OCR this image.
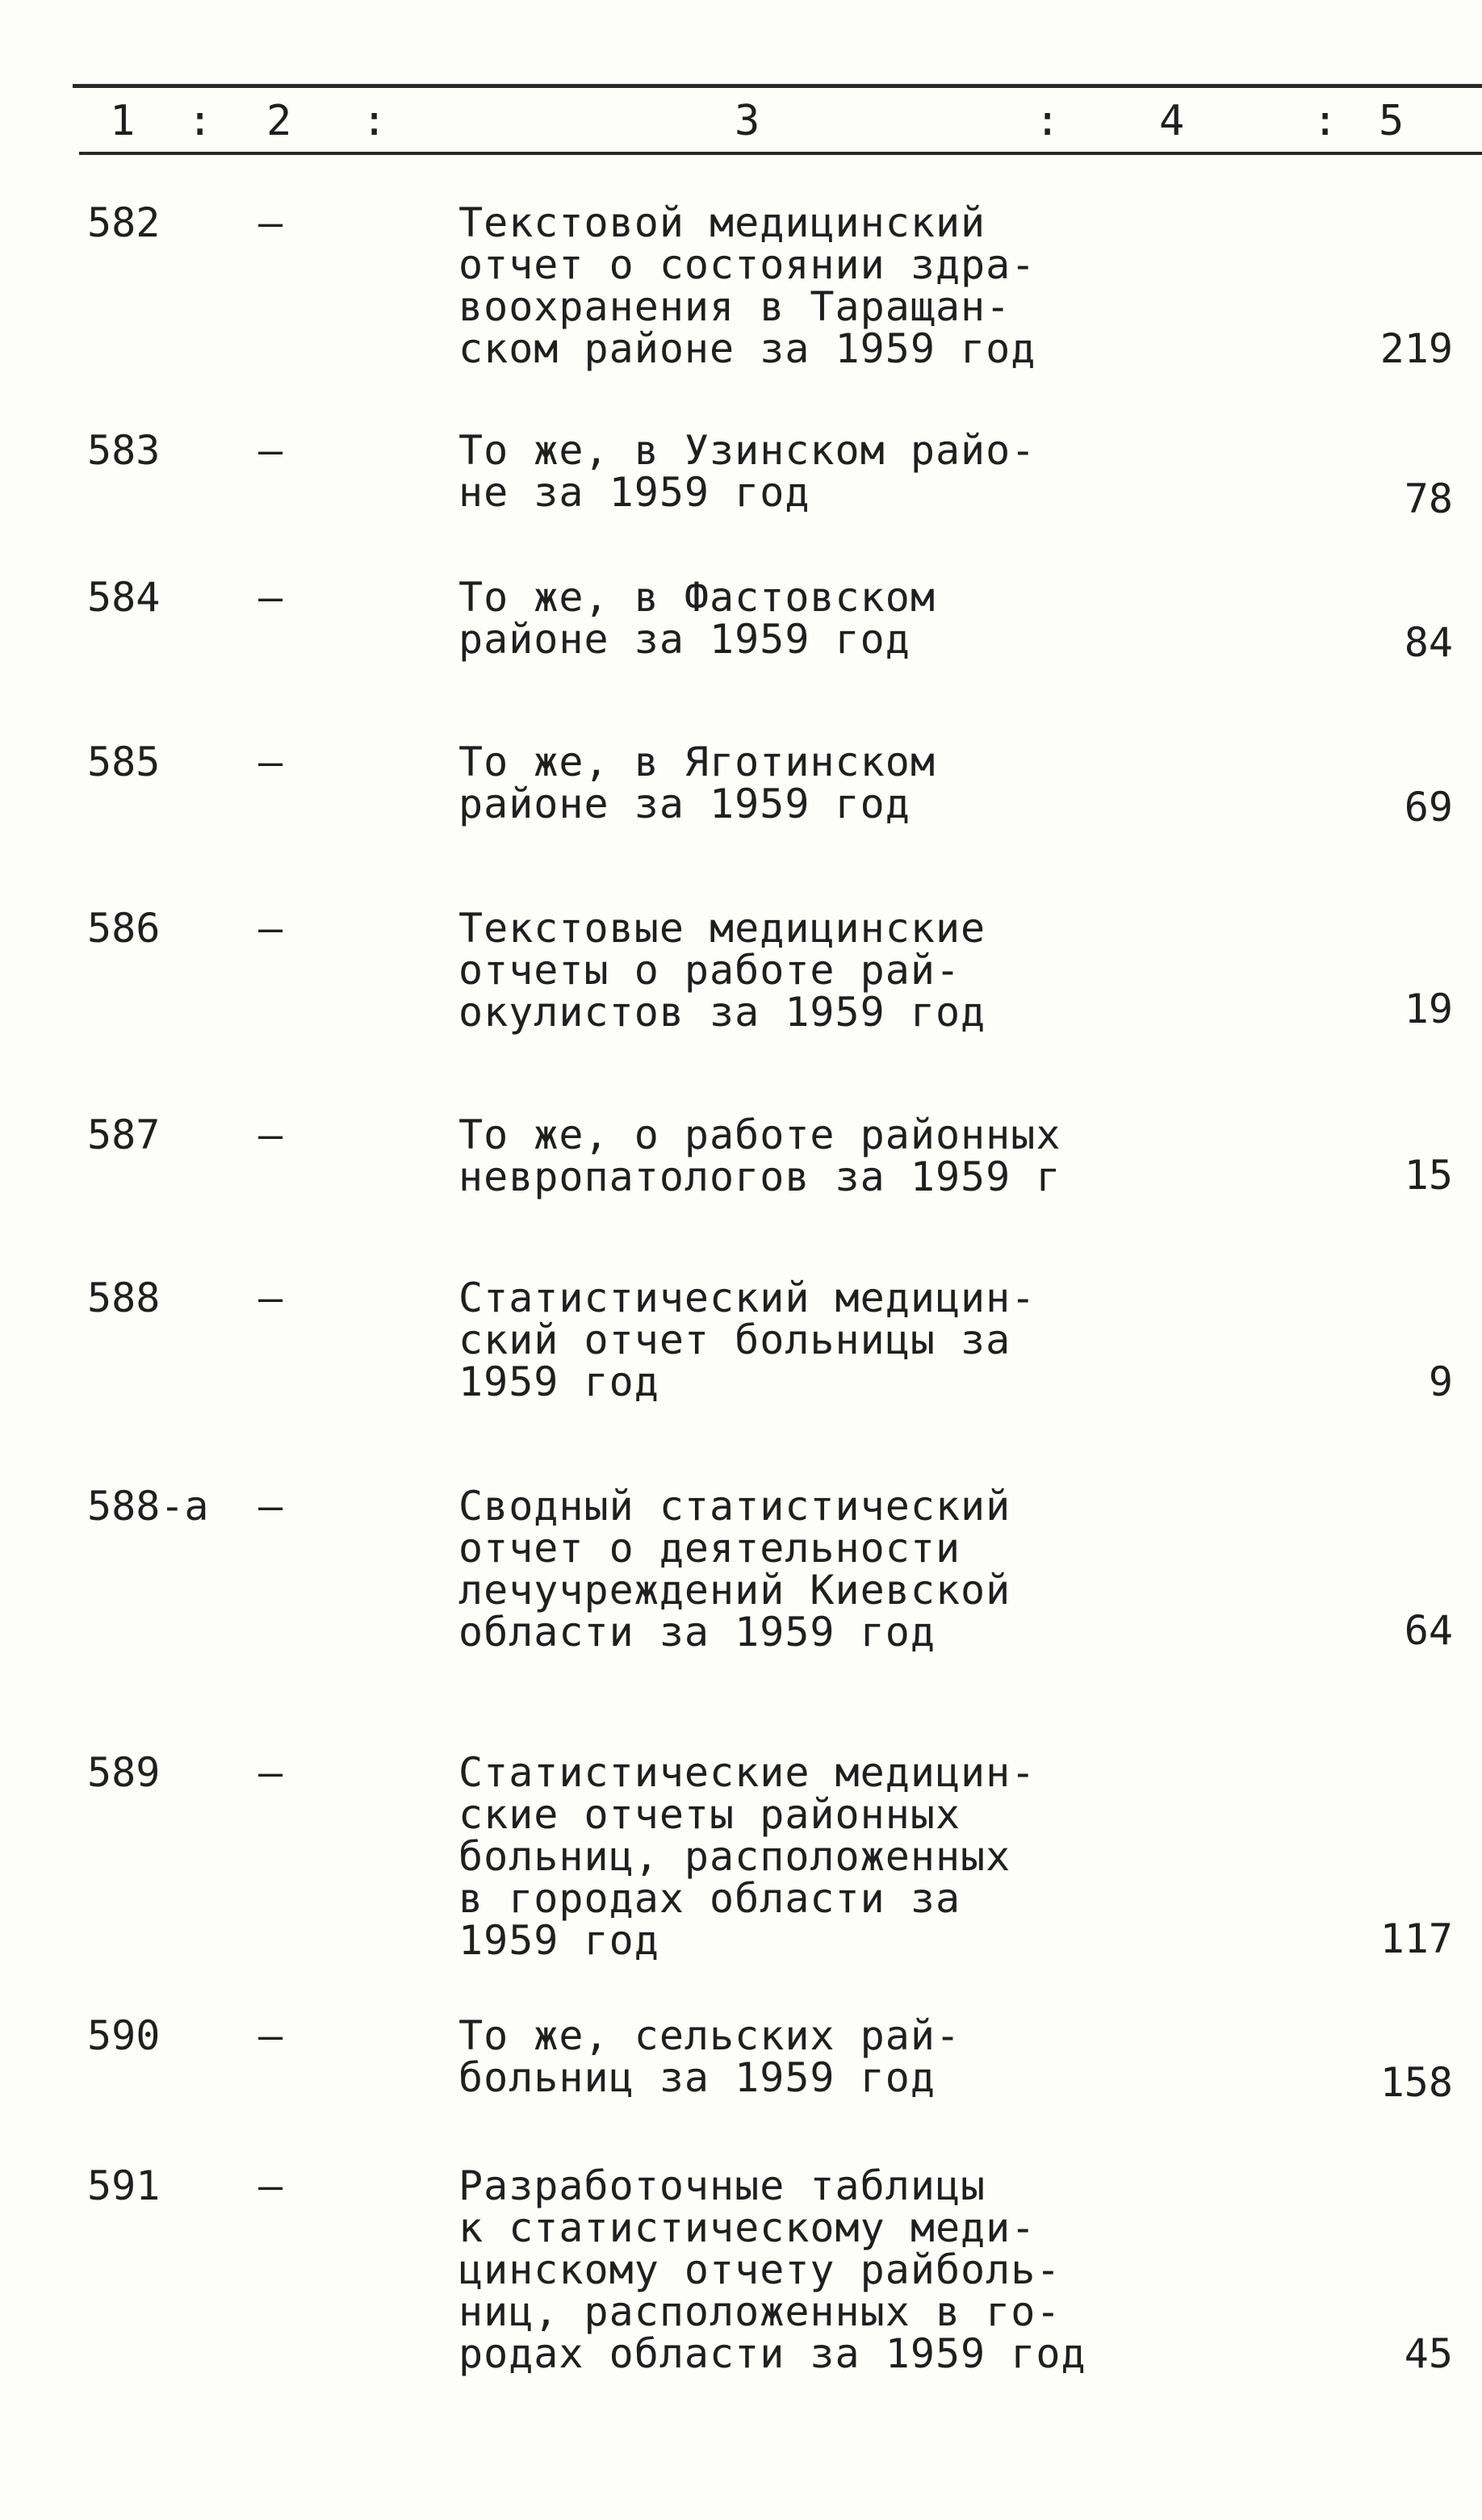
1 : 2 :	3	: 4	: 5
582 –	Текстовой медицинский
отчет о состоянии здра-
воохранения в Таращан-
ском районе за 1959 год	219
583 –	То же, в Узинском райо-
не за 1959 год	78
584 –	То же, в Фастовском
районе за 1959 год	84
585 –	То же, в Яготинском
районе за 1959 год	69
586 –	Текстовые медицинские
отчеты о работе рай-
окулистов за 1959 год	19
587 –	То же, о работе районных
невропатологов за 1959 г	15
588 –	Статистический медицин-
ский отчет больницы за
1959 год	9
588-а –	Сводный статистический
отчет о деятельности
лечучреждений Киевской
области за 1959 год	64
589 –	Статистические медицин-
ские отчеты районных
больниц, расположенных
в городах области за
1959 год	117
590 –	То же, сельских рай-
больниц за 1959 год	158
591 –	Разработочные таблицы
к статистическому меди-
цинскому отчету райболь-
ниц, расположенных в го-
родах области за 1959 год	45
